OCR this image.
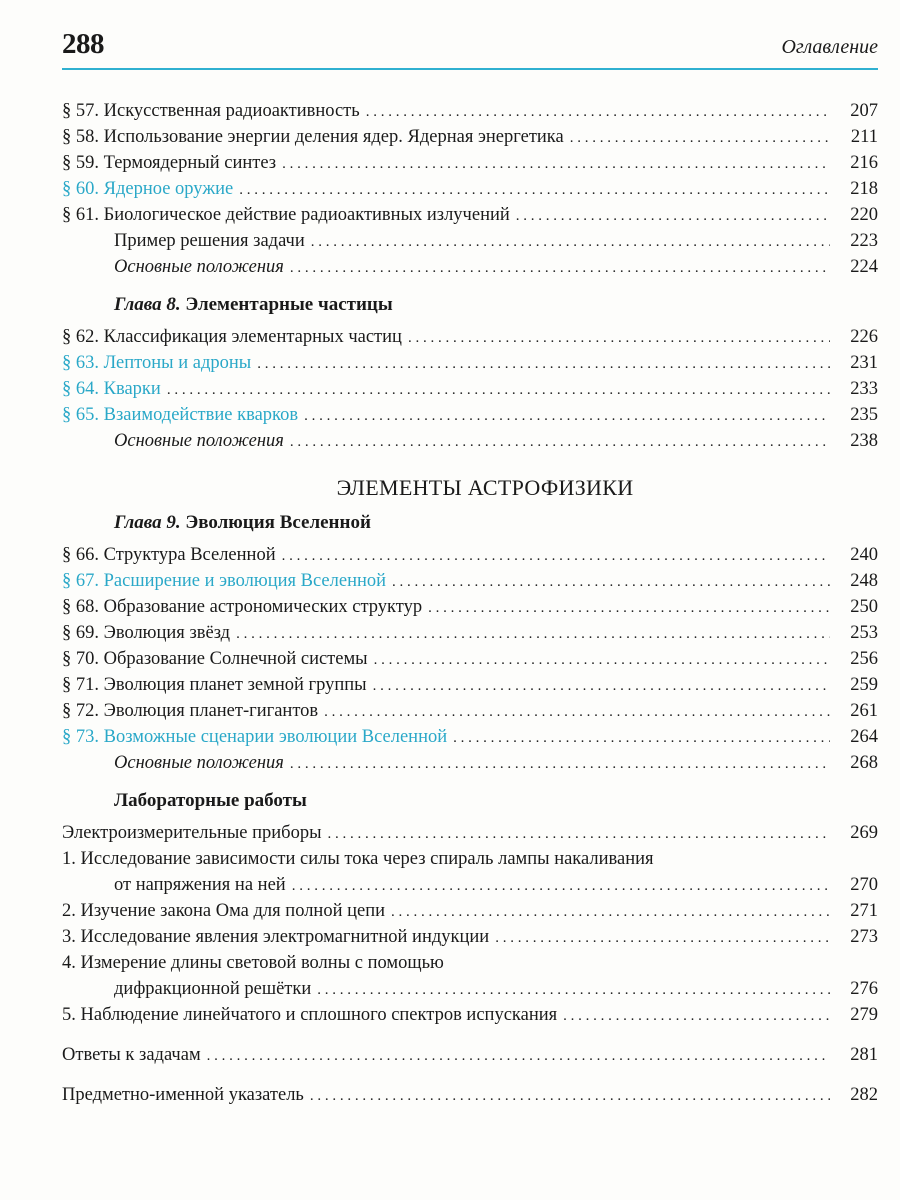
288	Оглавление
§ 57. Искусственная радиоактивность . . .	207
§ 58. Использование энергии деления ядер. Ядерная энергетика . . .	211
§ 59. Термоядерный синтез . . .	216
§ 60. Ядерное оружие . . .	218
§ 61. Биологическое действие радиоактивных излучений . . .	220
Пример решения задачи . . .	223
Основные положения . . .	224
Глава 8. Элементарные частицы
§ 62. Классификация элементарных частиц . . .	226
§ 63. Лептоны и адроны . . .	231
§ 64. Кварки . . .	233
§ 65. Взаимодействие кварков . . .	235
Основные положения . . .	238
ЭЛЕМЕНТЫ АСТРОФИЗИКИ
Глава 9. Эволюция Вселенной
§ 66. Структура Вселенной . . .	240
§ 67. Расширение и эволюция Вселенной . . .	248
§ 68. Образование астрономических структур . . .	250
§ 69. Эволюция звёзд . . .	253
§ 70. Образование Солнечной системы . . .	256
§ 71. Эволюция планет земной группы . . .	259
§ 72. Эволюция планет-гигантов . . .	261
§ 73. Возможные сценарии эволюции Вселенной . . .	264
Основные положения . . .	268
Лабораторные работы
Электроизмерительные приборы . . .	269
1. Исследование зависимости силы тока через спираль лампы накаливания
от напряжения на ней . . .	270
2. Изучение закона Ома для полной цепи . . .	271
3. Исследование явления электромагнитной индукции . . .	273
4. Измерение длины световой волны с помощью
дифракционной решётки . . .	276
5. Наблюдение линейчатого и сплошного спектров испускания . . .	279
Ответы к задачам . . .	281
Предметно-именной указатель . . .	282
